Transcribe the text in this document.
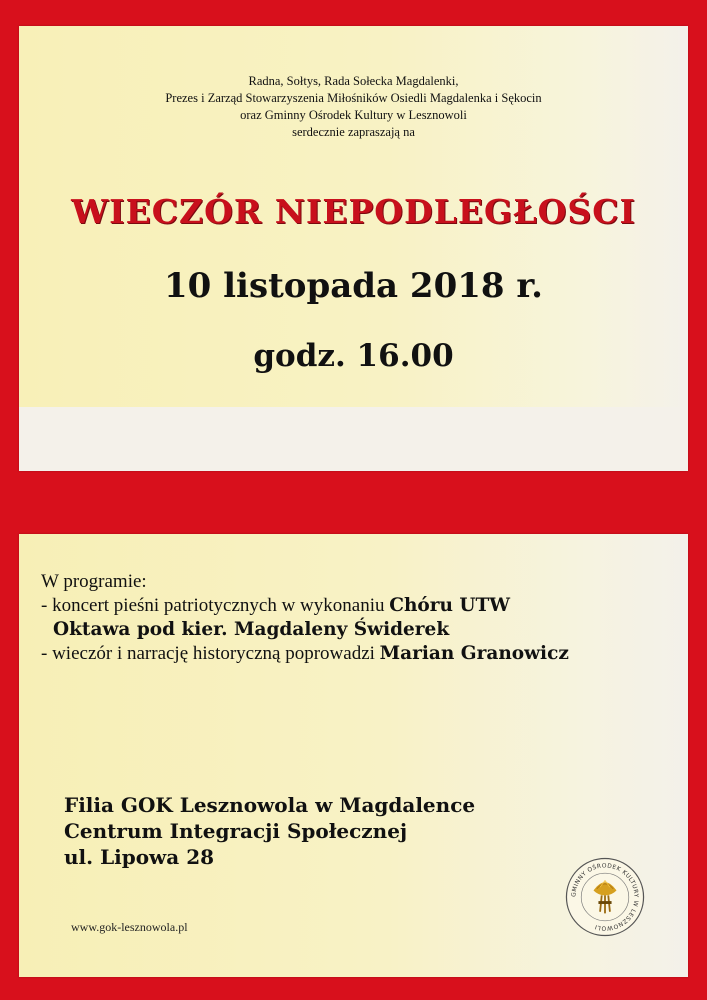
Radna, Sołtys, Rada Sołecka Magdalenki,
Prezes i Zarząd Stowarzyszenia Miłośników Osiedli Magdalenka i Sękocin
oraz Gminny Ośrodek Kultury w Lesznowoli
serdecznie zapraszają na
WIECZÓR NIEPODLEGŁOŚCI
10 listopada 2018 r.
godz. 16.00
W programie:
- koncert pieśni patriotycznych w wykonaniu Chóru UTW
Oktawa pod kier. Magdaleny Świderek
- wieczór i narrację historyczną poprowadzi Marian Granowicz
Filia GOK Lesznowola w Magdalence
Centrum Integracji Społecznej
ul. Lipowa 28
www.gok-lesznowola.pl
GMINNY OŚRODEK KULTURY W LESZNOWOLI
